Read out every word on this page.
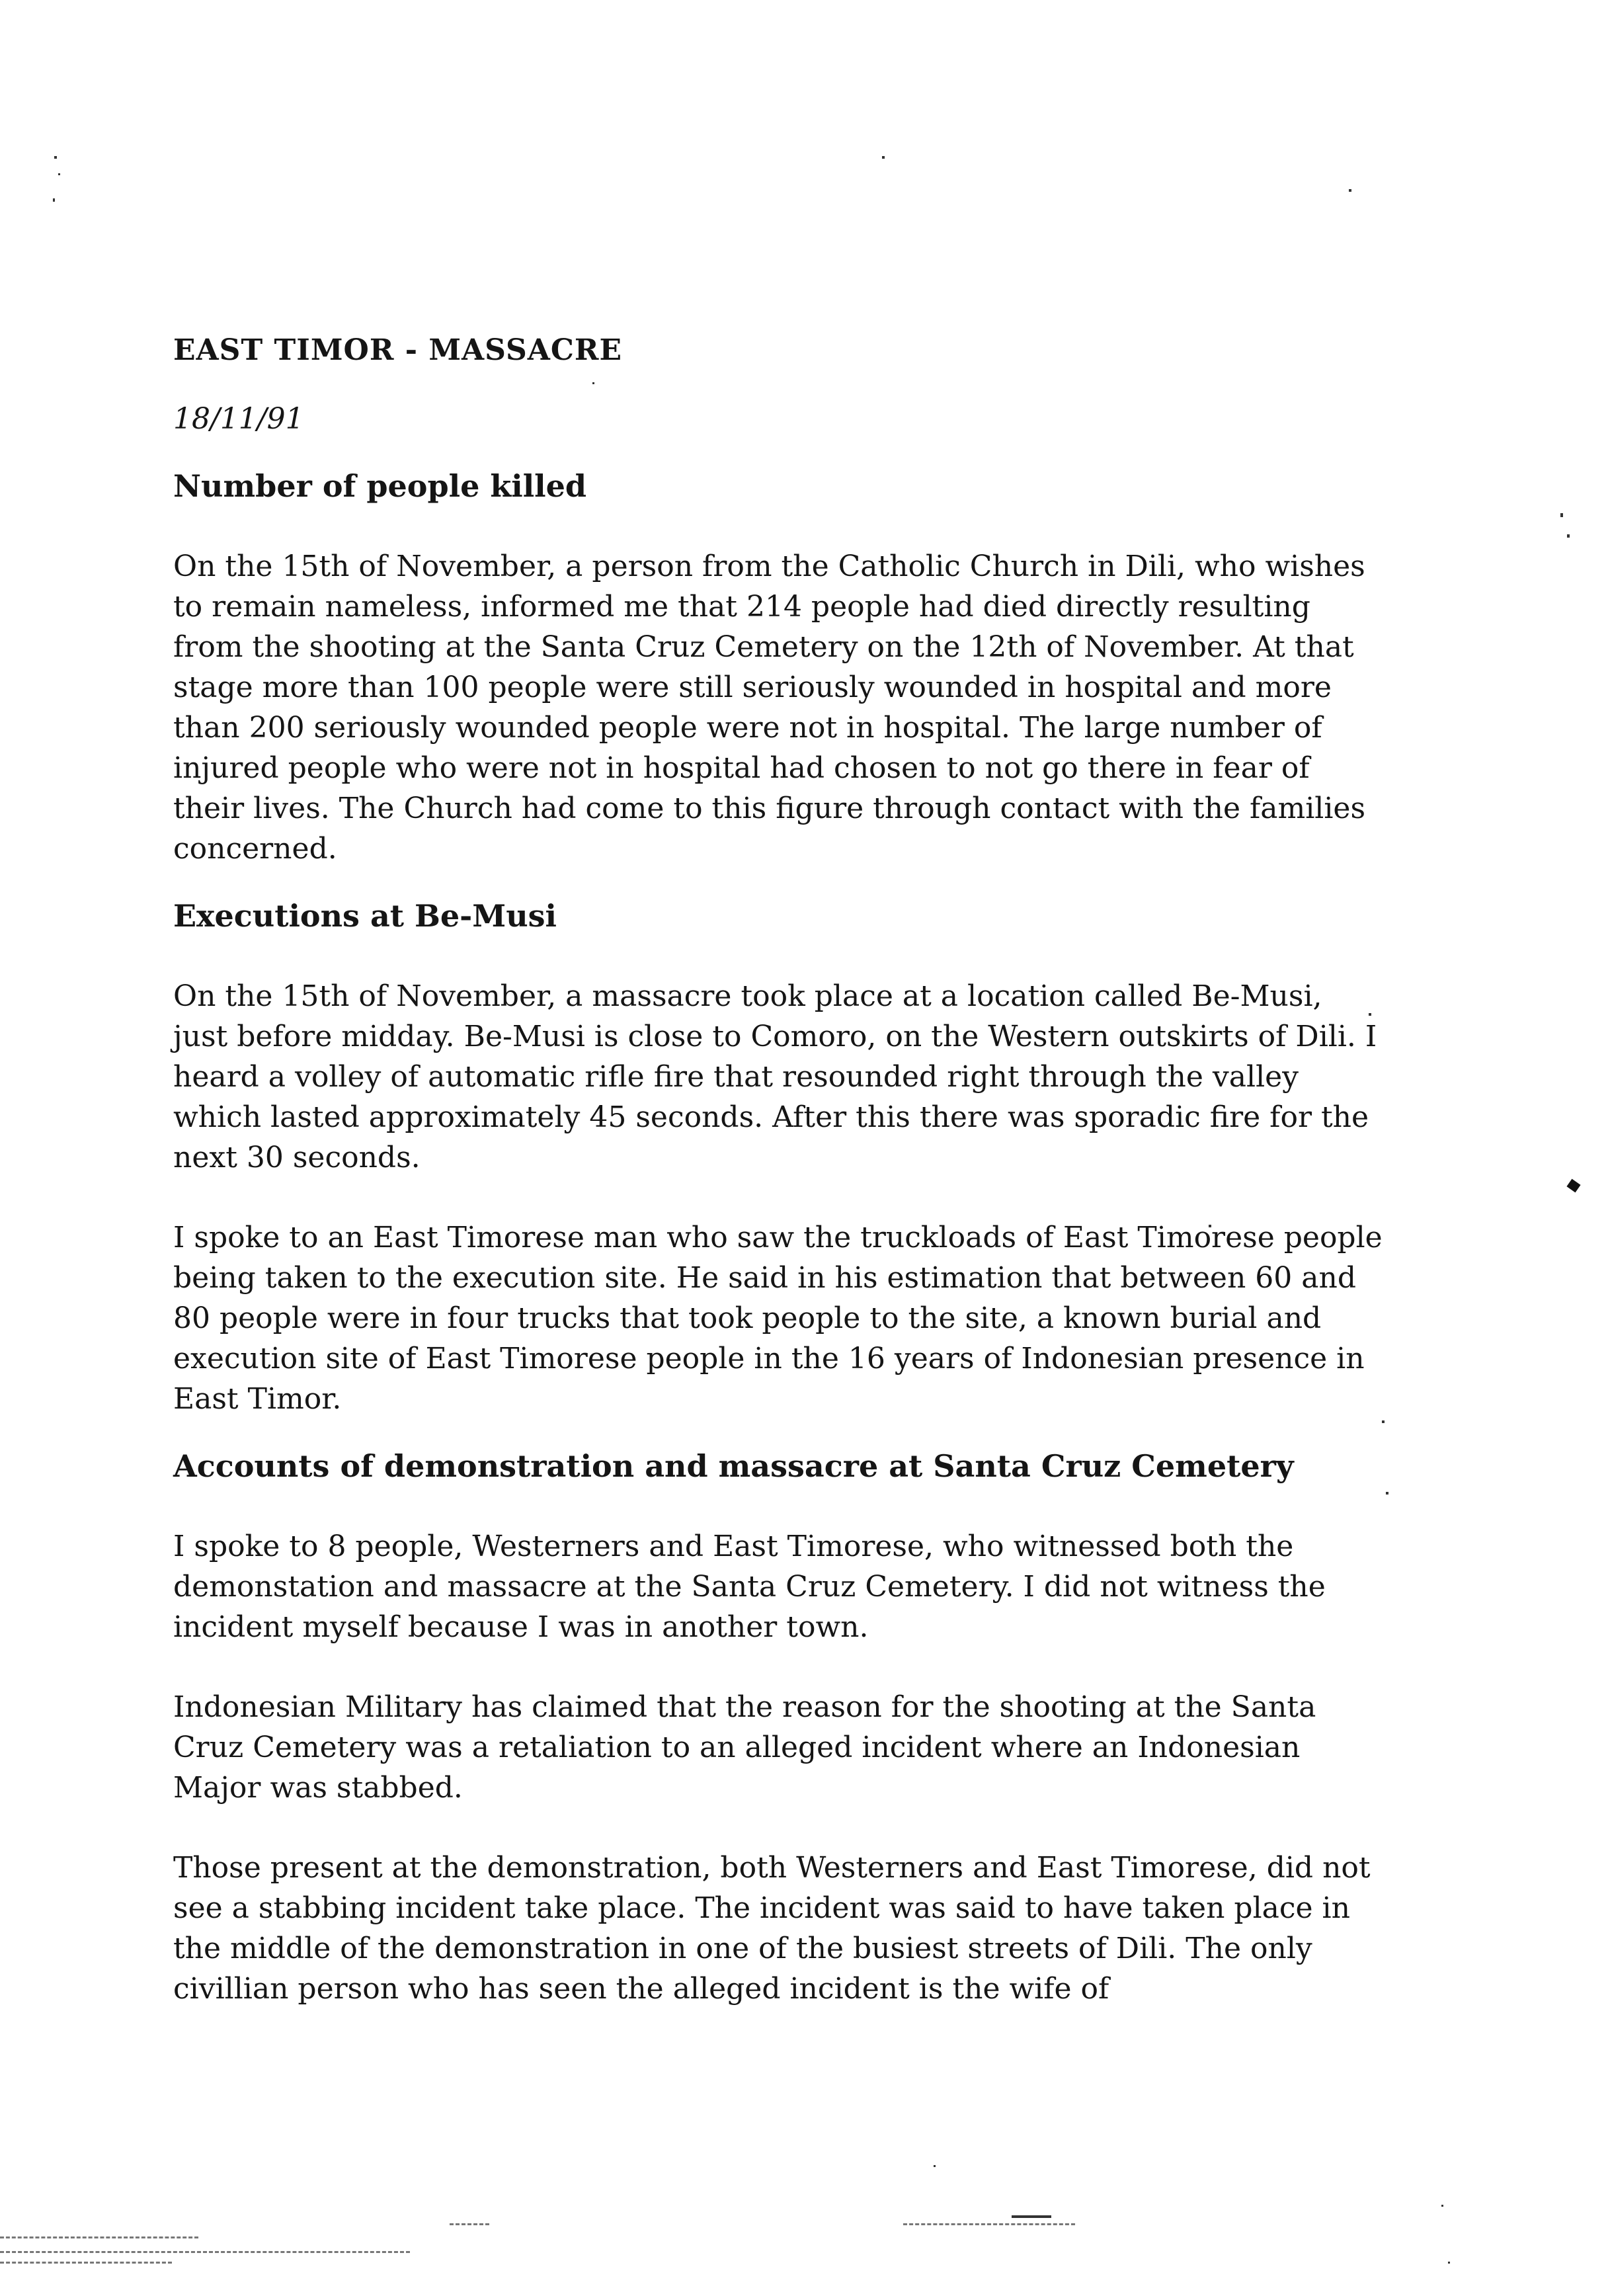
EAST TIMOR - MASSACRE
18/11/91
Number of people killed

On the 15th of November, a person from the Catholic Church in Dili, who wishes to remain nameless, informed me that 214 people had died directly resulting from the shooting at the Santa Cruz Cemetery on the 12th of November. At that stage more than 100 people were still seriously wounded in hospital and more than 200 seriously wounded people were not in hospital. The large number of injured people who were not in hospital had chosen to not go there in fear of their lives. The Church had come to this figure through contact with the families concerned.

Executions at Be-Musi

On the 15th of November, a massacre took place at a location called Be-Musi, just before midday. Be-Musi is close to Comoro, on the Western outskirts of Dili. I heard a volley of automatic rifle fire that resounded right through the valley which lasted approximately 45 seconds. After this there was sporadic fire for the next 30 seconds.

I spoke to an East Timorese man who saw the truckloads of East Timorese people being taken to the execution site. He said in his estimation that between 60 and 80 people were in four trucks that took people to the site, a known burial and execution site of East Timorese people in the 16 years of Indonesian presence in East Timor.

Accounts of demonstration and massacre at Santa Cruz Cemetery

I spoke to 8 people, Westerners and East Timorese, who witnessed both the demonstation and massacre at the Santa Cruz Cemetery. I did not witness the incident myself because I was in another town.

Indonesian Military has claimed that the reason for the shooting at the Santa Cruz Cemetery was a retaliation to an alleged incident where an Indonesian Major was stabbed.

Those present at the demonstration, both Westerners and East Timorese, did not see a stabbing incident take place. The incident was said to have taken place in the middle of the demonstration in one of the busiest streets of Dili. The only civillian person who has seen the alleged incident is the wife of
